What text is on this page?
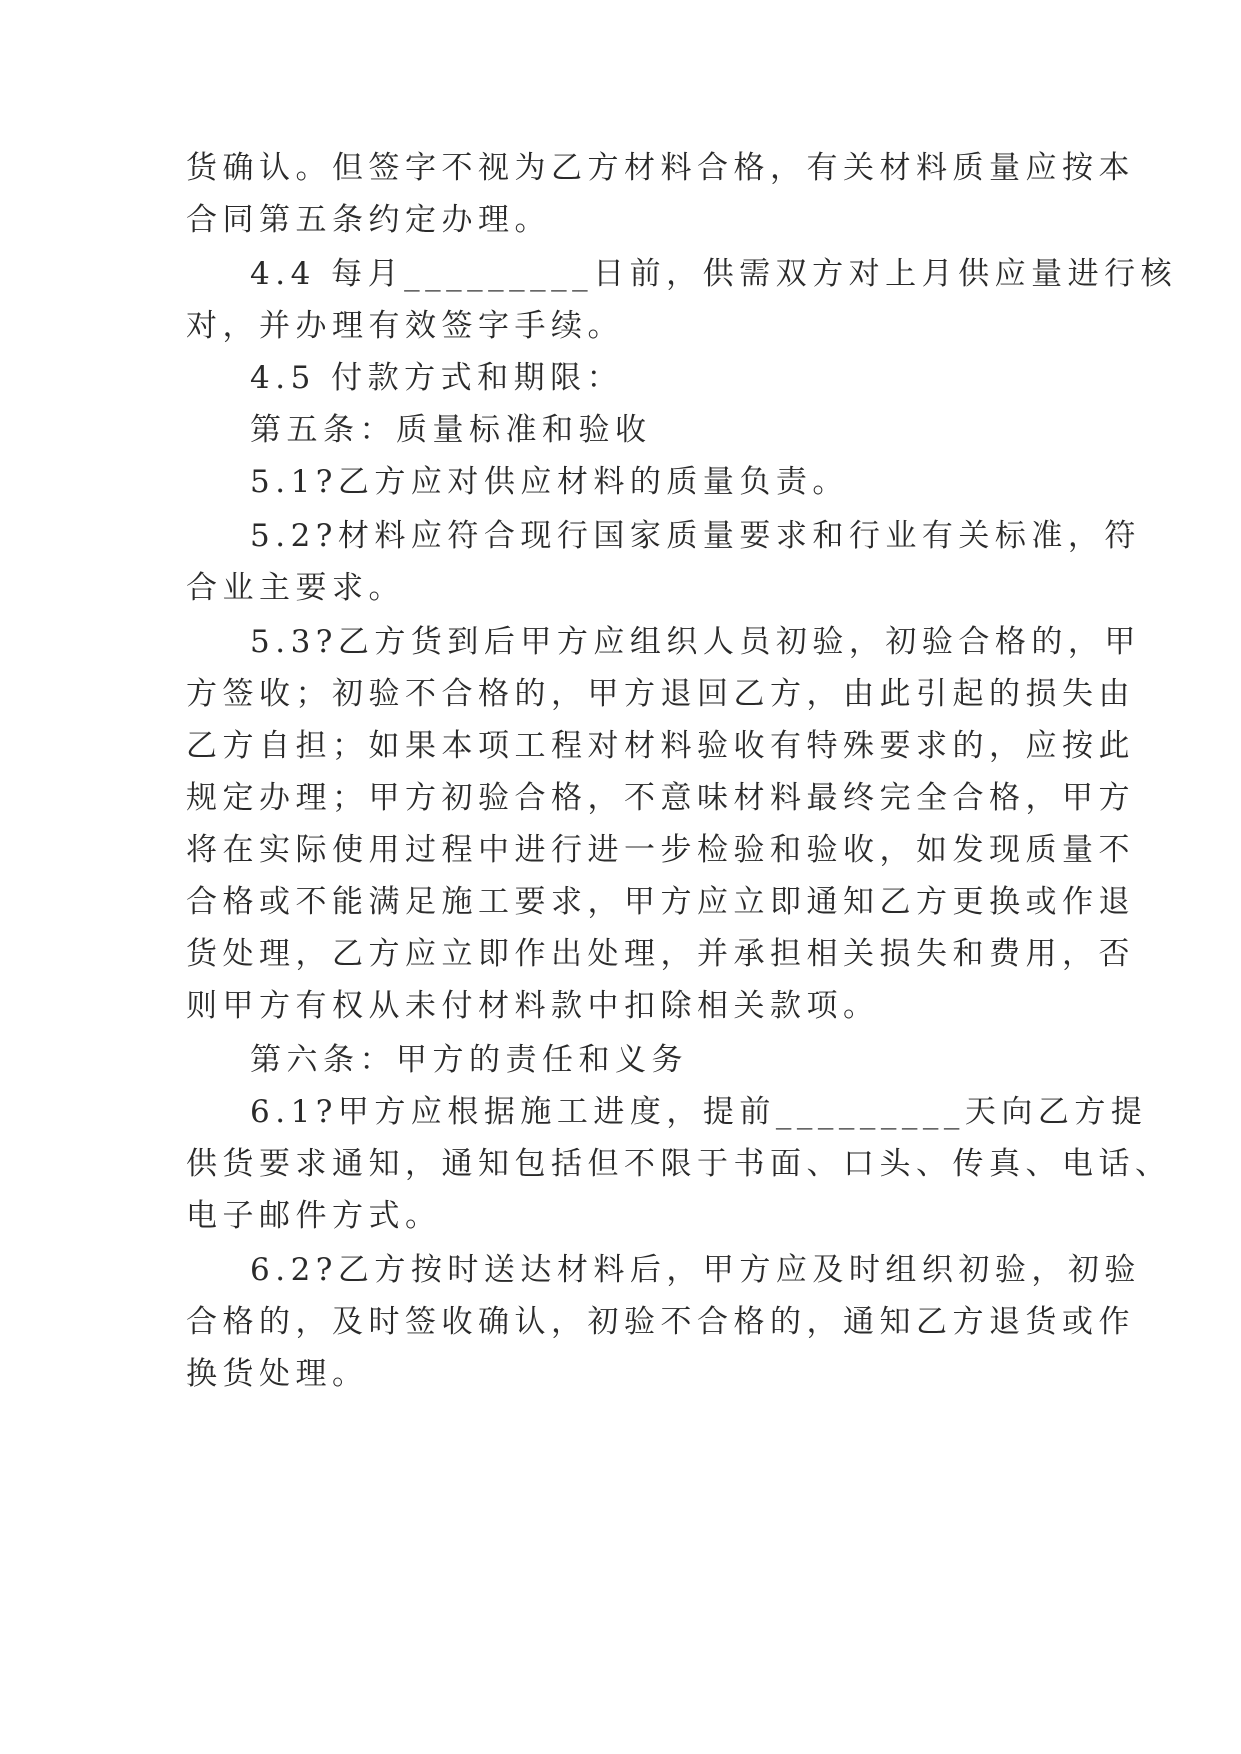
货确认。但签字不视为乙方材料合格，有关材料质量应按本
合同第五条约定办理。
4.4 每月_________日前，供需双方对上月供应量进行核
对，并办理有效签字手续。
4.5 付款方式和期限：
第五条：质量标准和验收
5.1?乙方应对供应材料的质量负责。
5.2?材料应符合现行国家质量要求和行业有关标准，符
合业主要求。
5.3?乙方货到后甲方应组织人员初验，初验合格的，甲
方签收；初验不合格的，甲方退回乙方，由此引起的损失由
乙方自担；如果本项工程对材料验收有特殊要求的，应按此
规定办理；甲方初验合格，不意味材料最终完全合格，甲方
将在实际使用过程中进行进一步检验和验收，如发现质量不
合格或不能满足施工要求，甲方应立即通知乙方更换或作退
货处理，乙方应立即作出处理，并承担相关损失和费用，否
则甲方有权从未付材料款中扣除相关款项。
第六条：甲方的责任和义务
6.1?甲方应根据施工进度，提前_________天向乙方提
供货要求通知，通知包括但不限于书面、口头、传真、电话、
电子邮件方式。
6.2?乙方按时送达材料后，甲方应及时组织初验，初验
合格的，及时签收确认，初验不合格的，通知乙方退货或作
换货处理。
